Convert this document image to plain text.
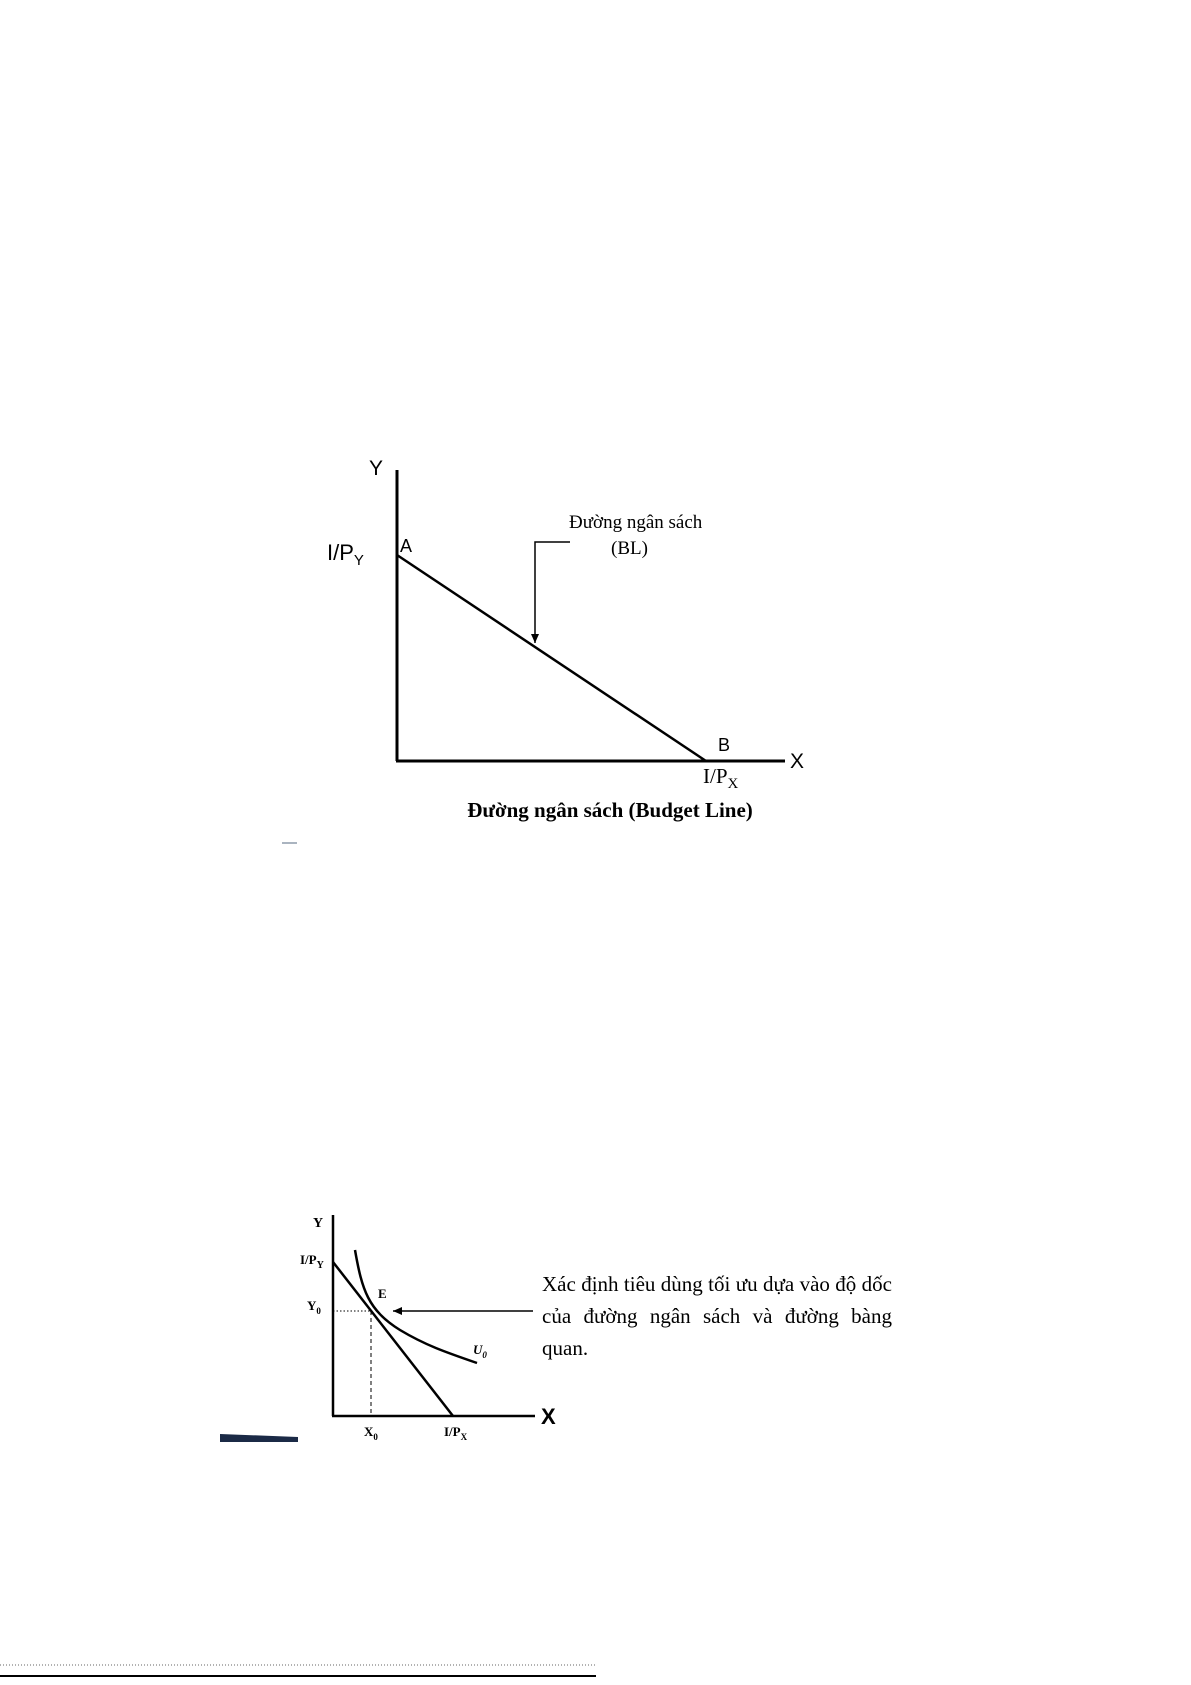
Y
X
$I/P_Y$
A
B
$I/P_X$
Đường ngân sách
(BL)
Y
X
$I/P_Y$
$Y_0$
E
$U_0$
$X_0$	$I/P_X$
Đường ngân sách (Budget Line)
Xác định tiêu dùng tối ưu dựa vào độ dốc của đường ngân sách và đường bàng quan.
